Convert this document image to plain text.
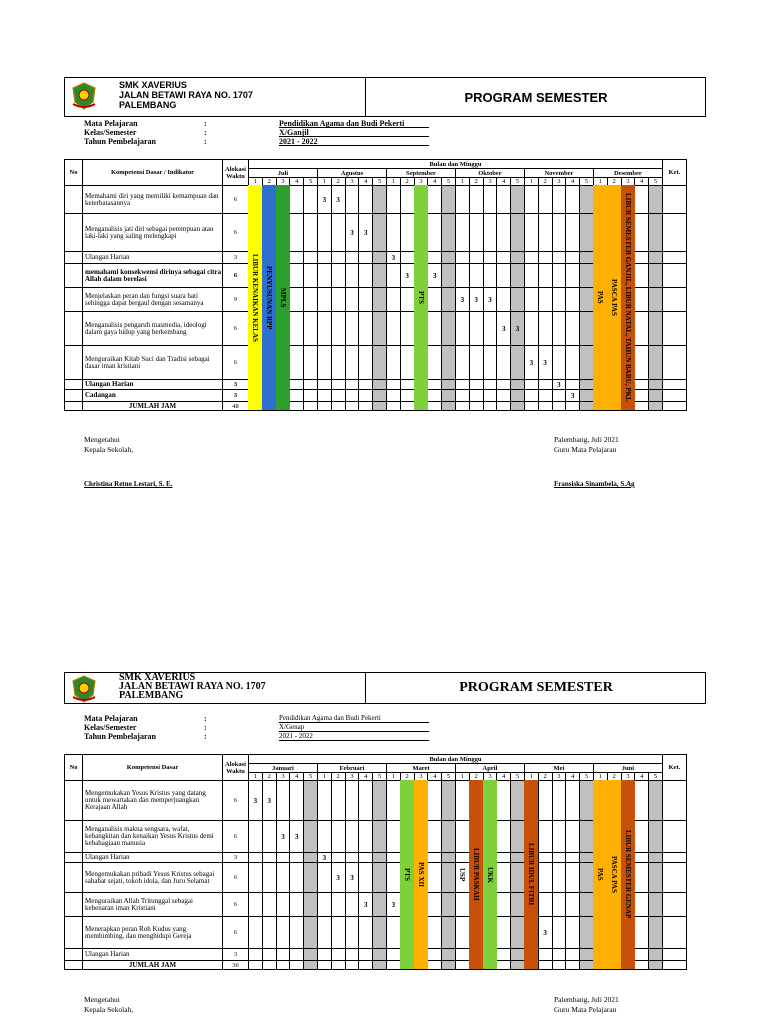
SMK XAVERIUS
JALAN BETAWI RAYA NO. 1707
PALEMBANG
PROGRAM SEMESTER
Mata Pelajaran	:	Pendidikan Agama dan Budi Pekerti
Kelas/Semester	:	X/Ganjil
Tahun Pembelajaran	:	2021 - 2022
No	Kompetensi Dasar / Indikator	Alokasi Waktu	Bulan dan Minggu																														Ket.
			Juli					Agustus					September					Oktober					November					Desember					
			1	2	3	4	5	1	2	3	4	5	1	2	3	4	5	1	2	3	4	5	1	2	3	4	5	1	2	3	4	5	
	Memahami diri yang memiliki kemampuan dan keterbatasannya	6						3	3																								
	Menganalisis jati diri sebagai perempuan atau laki-laki yang saling melengkapi	6								3	3																						
	Ulangan Harian	3											3																				
	memahami konsekwensi dirinya sebagai citra Allah dalam berelasi	6												3		3																	
	Menjelaskan peran dan fungsi suara hati sehingga dapat bergaul dengan sesamanya	9																3	3	3													
	Menganalisis pengaruh masmedia, ideologi dalam gaya hidup yang berkembang	6																			3	3											
	Menguraikan Kitab Suci dan Tradisi sebagai dasar iman kristiani	6																					3	3									
	Ulangan Harian	3																							3								
	Cadangan	3																								3							
	JUMLAH JAM	48																															
Mengetahui
Kepala Sekolah,
Palembang, Juli 2021
Guru Mata Pelajaran
Christina Retno Lestari, S. E.	Fransiska Sinambela, S.Ag
LIBUR KENAIKAN KELAS PENYUSUNAN RPP MPLS	PTS	PAS PASCA PAS LIBUR SEMESTER GANJIL, LIBUR NATAL, TAHUN BARU, PKL
SMK XAVERIUS
JALAN BETAWI RAYA NO. 1707
PALEMBANG
PROGRAM SEMESTER
Mata Pelajaran	:	Pendidikan Agama dan Budi Pekerti
Kelas/Semester	:	X/Genap
Tahun Pembelajaran	:	2021 - 2022
No	Kompetensi Dasar	Alokasi Waktu	Bulan dan Minggu																														Ket.
			Januari					Februari					Maret					April					Mei					Juni					
			1	2	3	4	5	1	2	3	4	5	1	2	3	4	5	1	2	3	4	5	1	2	3	4	5	1	2	3	4	5	
	Mengemukakan Yesus Kristus yang datang untuk mewartakan dan memperjuangkan Kerajaan Allah	6	3	3																													
	Menganalisis makna sengsara, wafat, kebangkitan dan kenaikan Yesus Kristus demi kebahagiaan manusia	6			3	3																											
	Ulangan Harian	3						3																									
	Mengemukakan pribadi Yesus Kristus sebagai sahabat sejati, tokoh idola, dan Juru Selamat	6							3	3																							
	Menguraikan Allah Tritunggal sebagai kebenaran iman Kristiani	6									3		3																				
	Menerapkan peran Roh Kudus yang membimbing, dan menghidupi Gereja	6																						3									
	Ulangan Harian	3																															
	JUMLAH JAM	36																															
Mengetahui
Kepala Sekolah,
Palembang, Juli 2021
Guru Mata Pelajaran
PTS PAS XII	USP LIBUR PASKAH UKK	LIBUR IDUL FITRI	PAS PASCA PAS LIBUR SEMESTER GENAP
